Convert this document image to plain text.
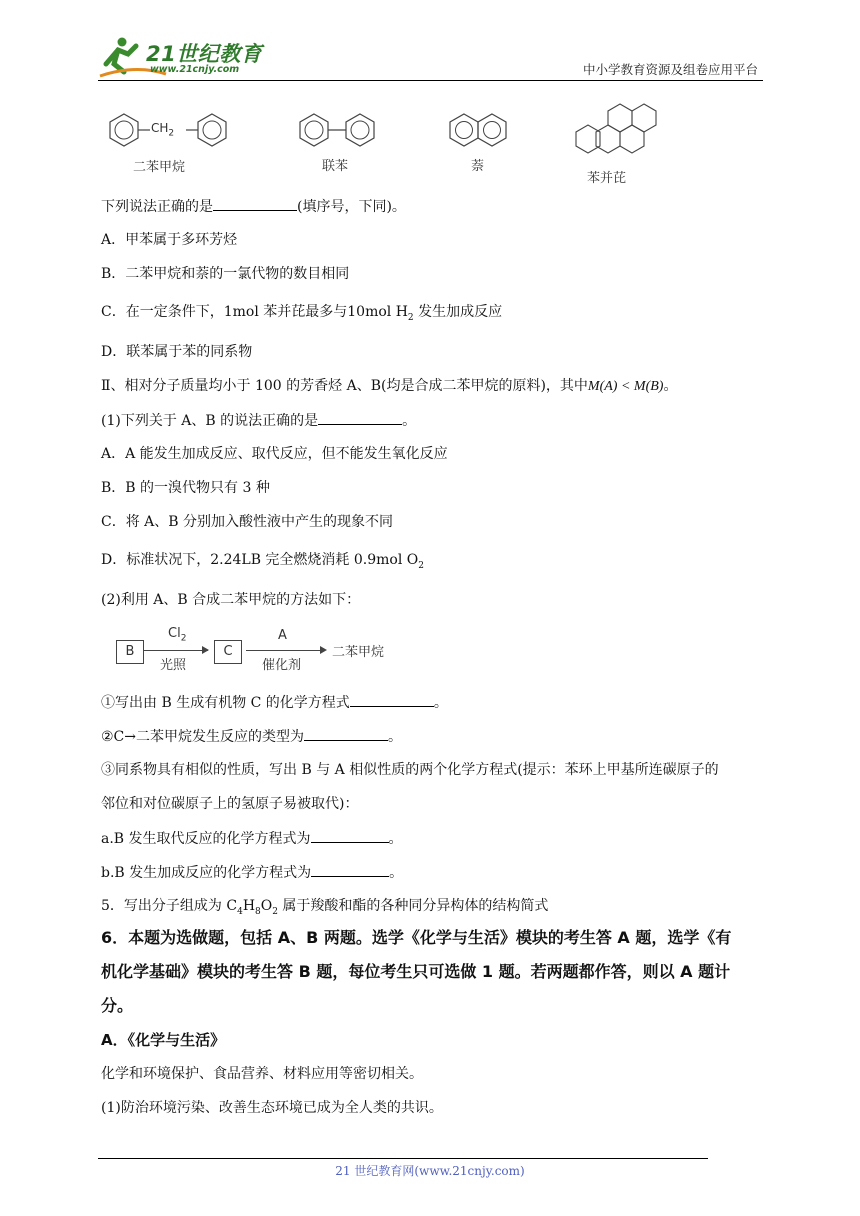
21世纪教育
www.21cnjy.com	中小学教育资源及组卷应用平台
$CH_2$
二苯甲烷	联苯	萘
苯并芘
下列说法正确的是	(填序号，下同)。
A．甲苯属于多环芳烃
B．二苯甲烷和萘的一氯代物的数目相同
C．在一定条件下，1mol 苯并芘最多与10mol $H_2$ 发生加成反应
D．联苯属于苯的同系物
Ⅱ、相对分子质量均小于 100 的芳香烃 A、B(均是合成二苯甲烷的原料)，其中M(A) < M(B)。
(1)下列关于 A、B 的说法正确的是	。
A．A 能发生加成反应、取代反应，但不能发生氧化反应
B．B 的一溴代物只有 3 种
C．将 A、B 分别加入酸性液中产生的现象不同
D．标准状况下，2.24LB 完全燃烧消耗 0.9mol $O_2$
(2)利用 A、B 合成二苯甲烷的方法如下：
B
$Cl_2$
光照
C
A
催化剂
二苯甲烷
①写出由 B 生成有机物 C 的化学方程式	。
②C→二苯甲烷发生反应的类型为	。
③同系物具有相似的性质，写出 B 与 A 相似性质的两个化学方程式(提示：苯环上甲基所连碳原子的
邻位和对位碳原子上的氢原子易被取代)：
a.B 发生取代反应的化学方程式为	。
b.B 发生加成反应的化学方程式为	。
5．写出分子组成为 $C_4H_8O_2$ 属于羧酸和酯的各种同分异构体的结构简式
6．本题为选做题，包括 A、B 两题。选学《化学与生活》模块的考生答 A 题，选学《有
机化学基础》模块的考生答 B 题，每位考生只可选做 1 题。若两题都作答，则以 A 题计
分。
A．《化学与生活》
化学和环境保护、食品营养、材料应用等密切相关。
(1)防治环境污染、改善生态环境已成为全人类的共识。
21 世纪教育网(www.21cnjy.com)
